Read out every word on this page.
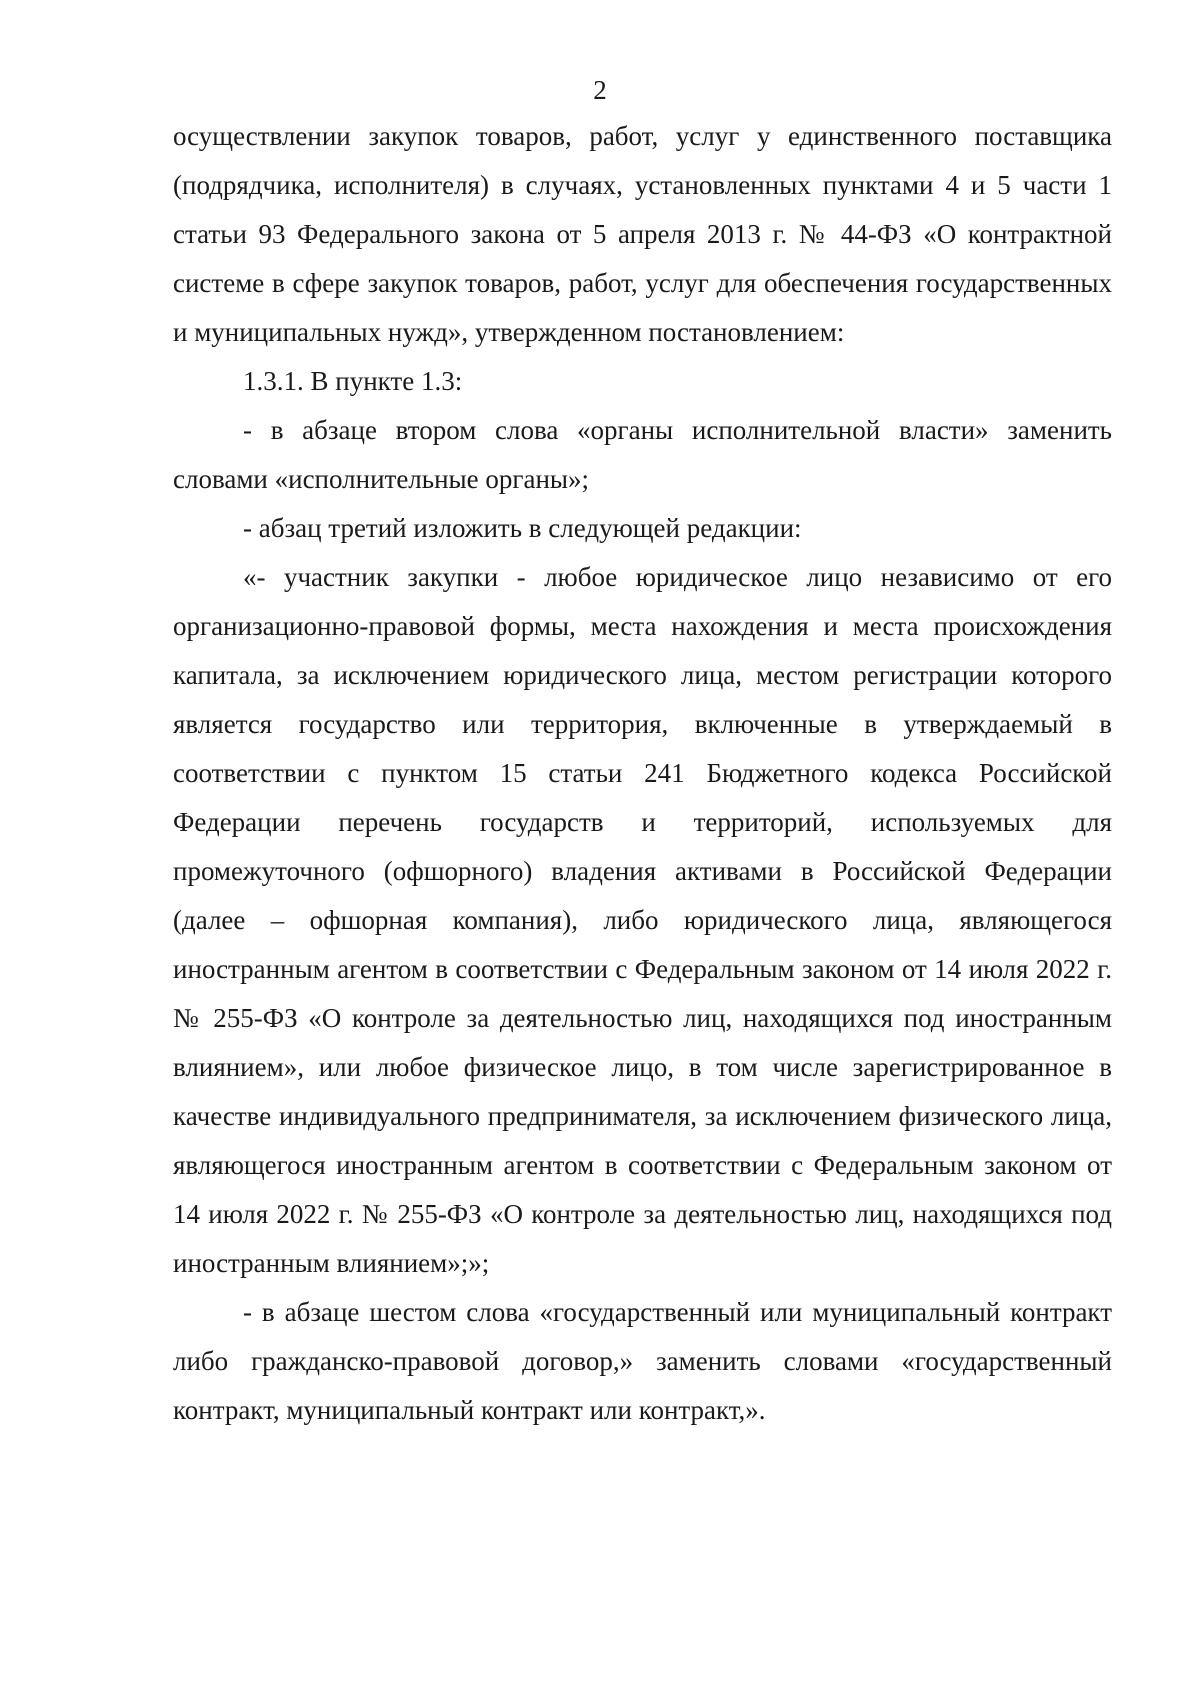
2

осуществлении закупок товаров, работ, услуг у единственного поставщика (подрядчика, исполнителя) в случаях, установленных пунктами 4 и 5 части 1 статьи 93 Федерального закона от 5 апреля 2013 г. № 44-ФЗ «О контрактной системе в сфере закупок товаров, работ, услуг для обеспечения государственных и муниципальных нужд», утвержденном постановлением:

1.3.1. В пункте 1.3:

- в абзаце втором слова «органы исполнительной власти» заменить словами «исполнительные органы»;

- абзац третий изложить в следующей редакции:

«- участник закупки - любое юридическое лицо независимо от его организационно-правовой формы, места нахождения и места происхождения капитала, за исключением юридического лица, местом регистрации которого является государство или территория, включенные в утверждаемый в соответствии с пунктом 15 статьи 241 Бюджетного кодекса Российской Федерации перечень государств и территорий, используемых для промежуточного (офшорного) владения активами в Российской Федерации (далее – офшорная компания), либо юридического лица, являющегося иностранным агентом в соответствии с Федеральным законом от 14 июля 2022 г. № 255-ФЗ «О контроле за деятельностью лиц, находящихся под иностранным влиянием», или любое физическое лицо, в том числе зарегистрированное в качестве индивидуального предпринимателя, за исключением физического лица, являющегося иностранным агентом в соответствии с Федеральным законом от 14 июля 2022 г. № 255-ФЗ «О контроле за деятельностью лиц, находящихся под иностранным влиянием»;»;

- в абзаце шестом слова «государственный или муниципальный контракт либо гражданско-правовой договор,» заменить словами «государственный контракт, муниципальный контракт или контракт,».
